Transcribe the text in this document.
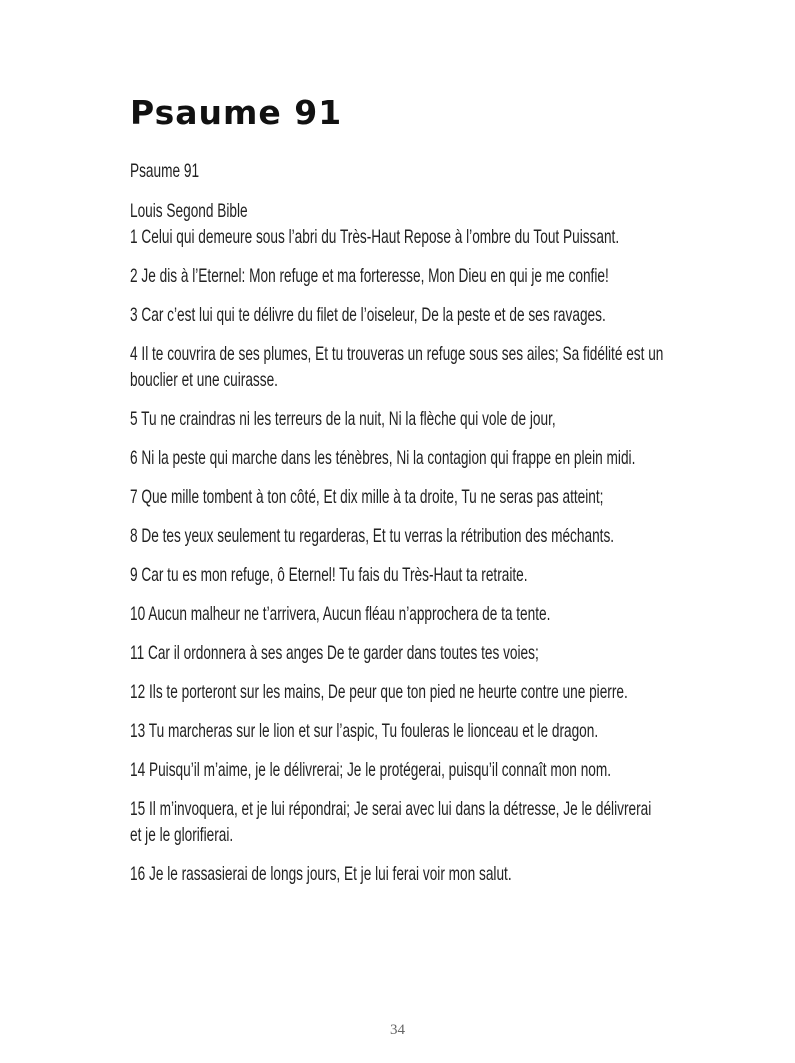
Psaume 91

Psaume 91

Louis Segond Bible

1 Celui qui demeure sous l’abri du Très-Haut Repose à l’ombre du Tout Puissant.

2 Je dis à l’Eternel: Mon refuge et ma forteresse, Mon Dieu en qui je me confie!

3 Car c’est lui qui te délivre du filet de l’oiseleur, De la peste et de ses ravages.

4 Il te couvrira de ses plumes, Et tu trouveras un refuge sous ses ailes; Sa fidélité est un bouclier et une cuirasse.

5 Tu ne craindras ni les terreurs de la nuit, Ni la flèche qui vole de jour,

6 Ni la peste qui marche dans les ténèbres, Ni la contagion qui frappe en plein midi.

7 Que mille tombent à ton côté, Et dix mille à ta droite, Tu ne seras pas atteint;

8 De tes yeux seulement tu regarderas, Et tu verras la rétribution des méchants.

9 Car tu es mon refuge, ô Eternel! Tu fais du Très-Haut ta retraite.

10 Aucun malheur ne t’arrivera, Aucun fléau n’approchera de ta tente.

11 Car il ordonnera à ses anges De te garder dans toutes tes voies;

12 Ils te porteront sur les mains, De peur que ton pied ne heurte contre une pierre.

13 Tu marcheras sur le lion et sur l’aspic, Tu fouleras le lionceau et le dragon.

14 Puisqu’il m’aime, je le délivrerai; Je le protégerai, puisqu’il connaît mon nom.

15 Il m’invoquera, et je lui répondrai; Je serai avec lui dans la détresse, Je le délivrerai et je le glorifierai.

16 Je le rassasierai de longs jours, Et je lui ferai voir mon salut.

34
